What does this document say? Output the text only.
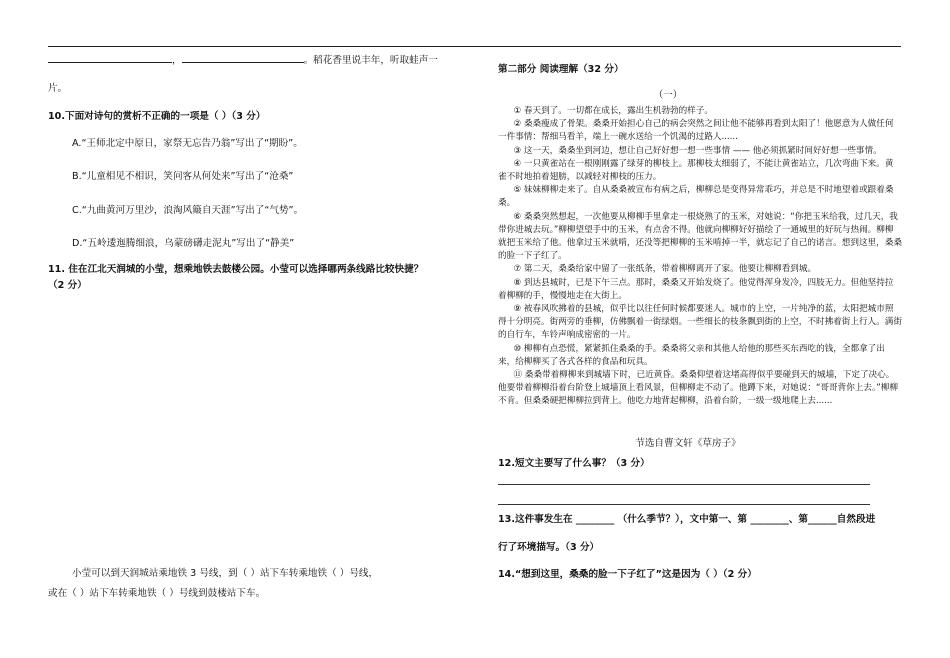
，	。稻花香里说丰年，听取蛙声一
片。
10.下面对诗句的赏析不正确的一项是（ ）（3 分）
A.“王师北定中原日，家祭无忘告乃翁”写出了“期盼”。
B.“儿童相见不相识，笑问客从何处来”写出了“沧桑”
C.“九曲黄河万里沙，浪淘风簸自天涯”写出了“气势”。
D.“五岭逶迤腾细浪，乌蒙磅礴走泥丸”写出了“静美”
11. 住在江北天润城的小莹，想乘地铁去鼓楼公园。小莹可以选择哪两条线路比较快捷？
（2 分）
小莹可以到天润城站乘地铁 3 号线，到（ ）站下车转乘地铁（ ）号线，
或在（ ）站下车转乘地铁（ ）号线到鼓楼站下车。
第二部分 阅读理解（32 分）
（一）

① 春天到了。一切都在成长，露出生机勃勃的样子。

② 桑桑瘦成了骨架。桑桑开始担心自己的病会突然之间让他不能够再看到太阳了！他愿意为人做任何一件事情：帮细马看羊，端上一碗水送给一个饥渴的过路人......

③ 这一天，桑桑坐到河边，想让自己好好想一想一些事情 —— 他必须抓紧时间好好想一些事情。

④ 一只黄雀站在一根刚刚露了绿芽的柳枝上。那柳枝太细弱了，不能让黄雀站立，几次弯曲下来。黄雀不时地拍着翅膀，以减轻对柳枝的压力。

⑤ 妹妹柳柳走来了。自从桑桑被宣布有病之后，柳柳总是变得异常乖巧，并总是不时地望着或跟着桑桑。

⑥ 桑桑突然想起，一次他要从柳柳手里拿走一根烧熟了的玉米，对她说：“你把玉米给我，过几天，我带你进城去玩。”柳柳望望手中的玉米，有点舍不得。他就向柳柳好好描绘了一通城里的好玩与热闹。柳柳就把玉米给了他。他拿过玉米就啃，还没等把柳柳的玉米啃掉一半，就忘记了自己的诺言。想到这里，桑桑的脸一下子红了。

⑦ 第二天，桑桑给家中留了一张纸条，带着柳柳离开了家。他要让柳柳看到城。

⑧ 到达县城时，已是下午三点。那时，桑桑又开始发烧了。他觉得浑身发冷，四肢无力。但他坚持拉着柳柳的手，慢慢地走在大街上。

⑨ 被春风吹拂着的县城，似乎比以往任何时候都要迷人。城市的上空，一片纯净的蓝，太阳把城市照得十分明亮。街两旁的垂柳，仿佛飘着一街绿烟。一些细长的枝条飘到街的上空，不时拂着街上行人。满街的自行车，车铃声响成密密的一片。

⑩ 柳柳有点恐慌，紧紧抓住桑桑的手。桑桑将父亲和其他人给他的那些买东西吃的钱，全都拿了出来，给柳柳买了各式各样的食品和玩具。

⑪ 桑桑带着柳柳来到城墙下时，已近黄昏。桑桑仰望着这堵高得似乎要碰到天的城墙，下定了决心。他要带着柳柳沿着台阶登上城墙顶上看风景，但柳柳走不动了。他蹲下来，对她说：“哥哥背你上去。”柳柳不肯。但桑桑硬把柳柳拉到背上。他吃力地背起柳柳，沿着台阶，一级一级地爬上去......

节选自曹文轩《草房子》
12.短文主要写了什么事？（3 分）
13.这件事发生在 ________ （什么季节？），文中第一、第 ________、第______自然段进
行了环境描写。（3 分）
14.“想到这里，桑桑的脸一下子红了”这是因为（ ）（2 分）
